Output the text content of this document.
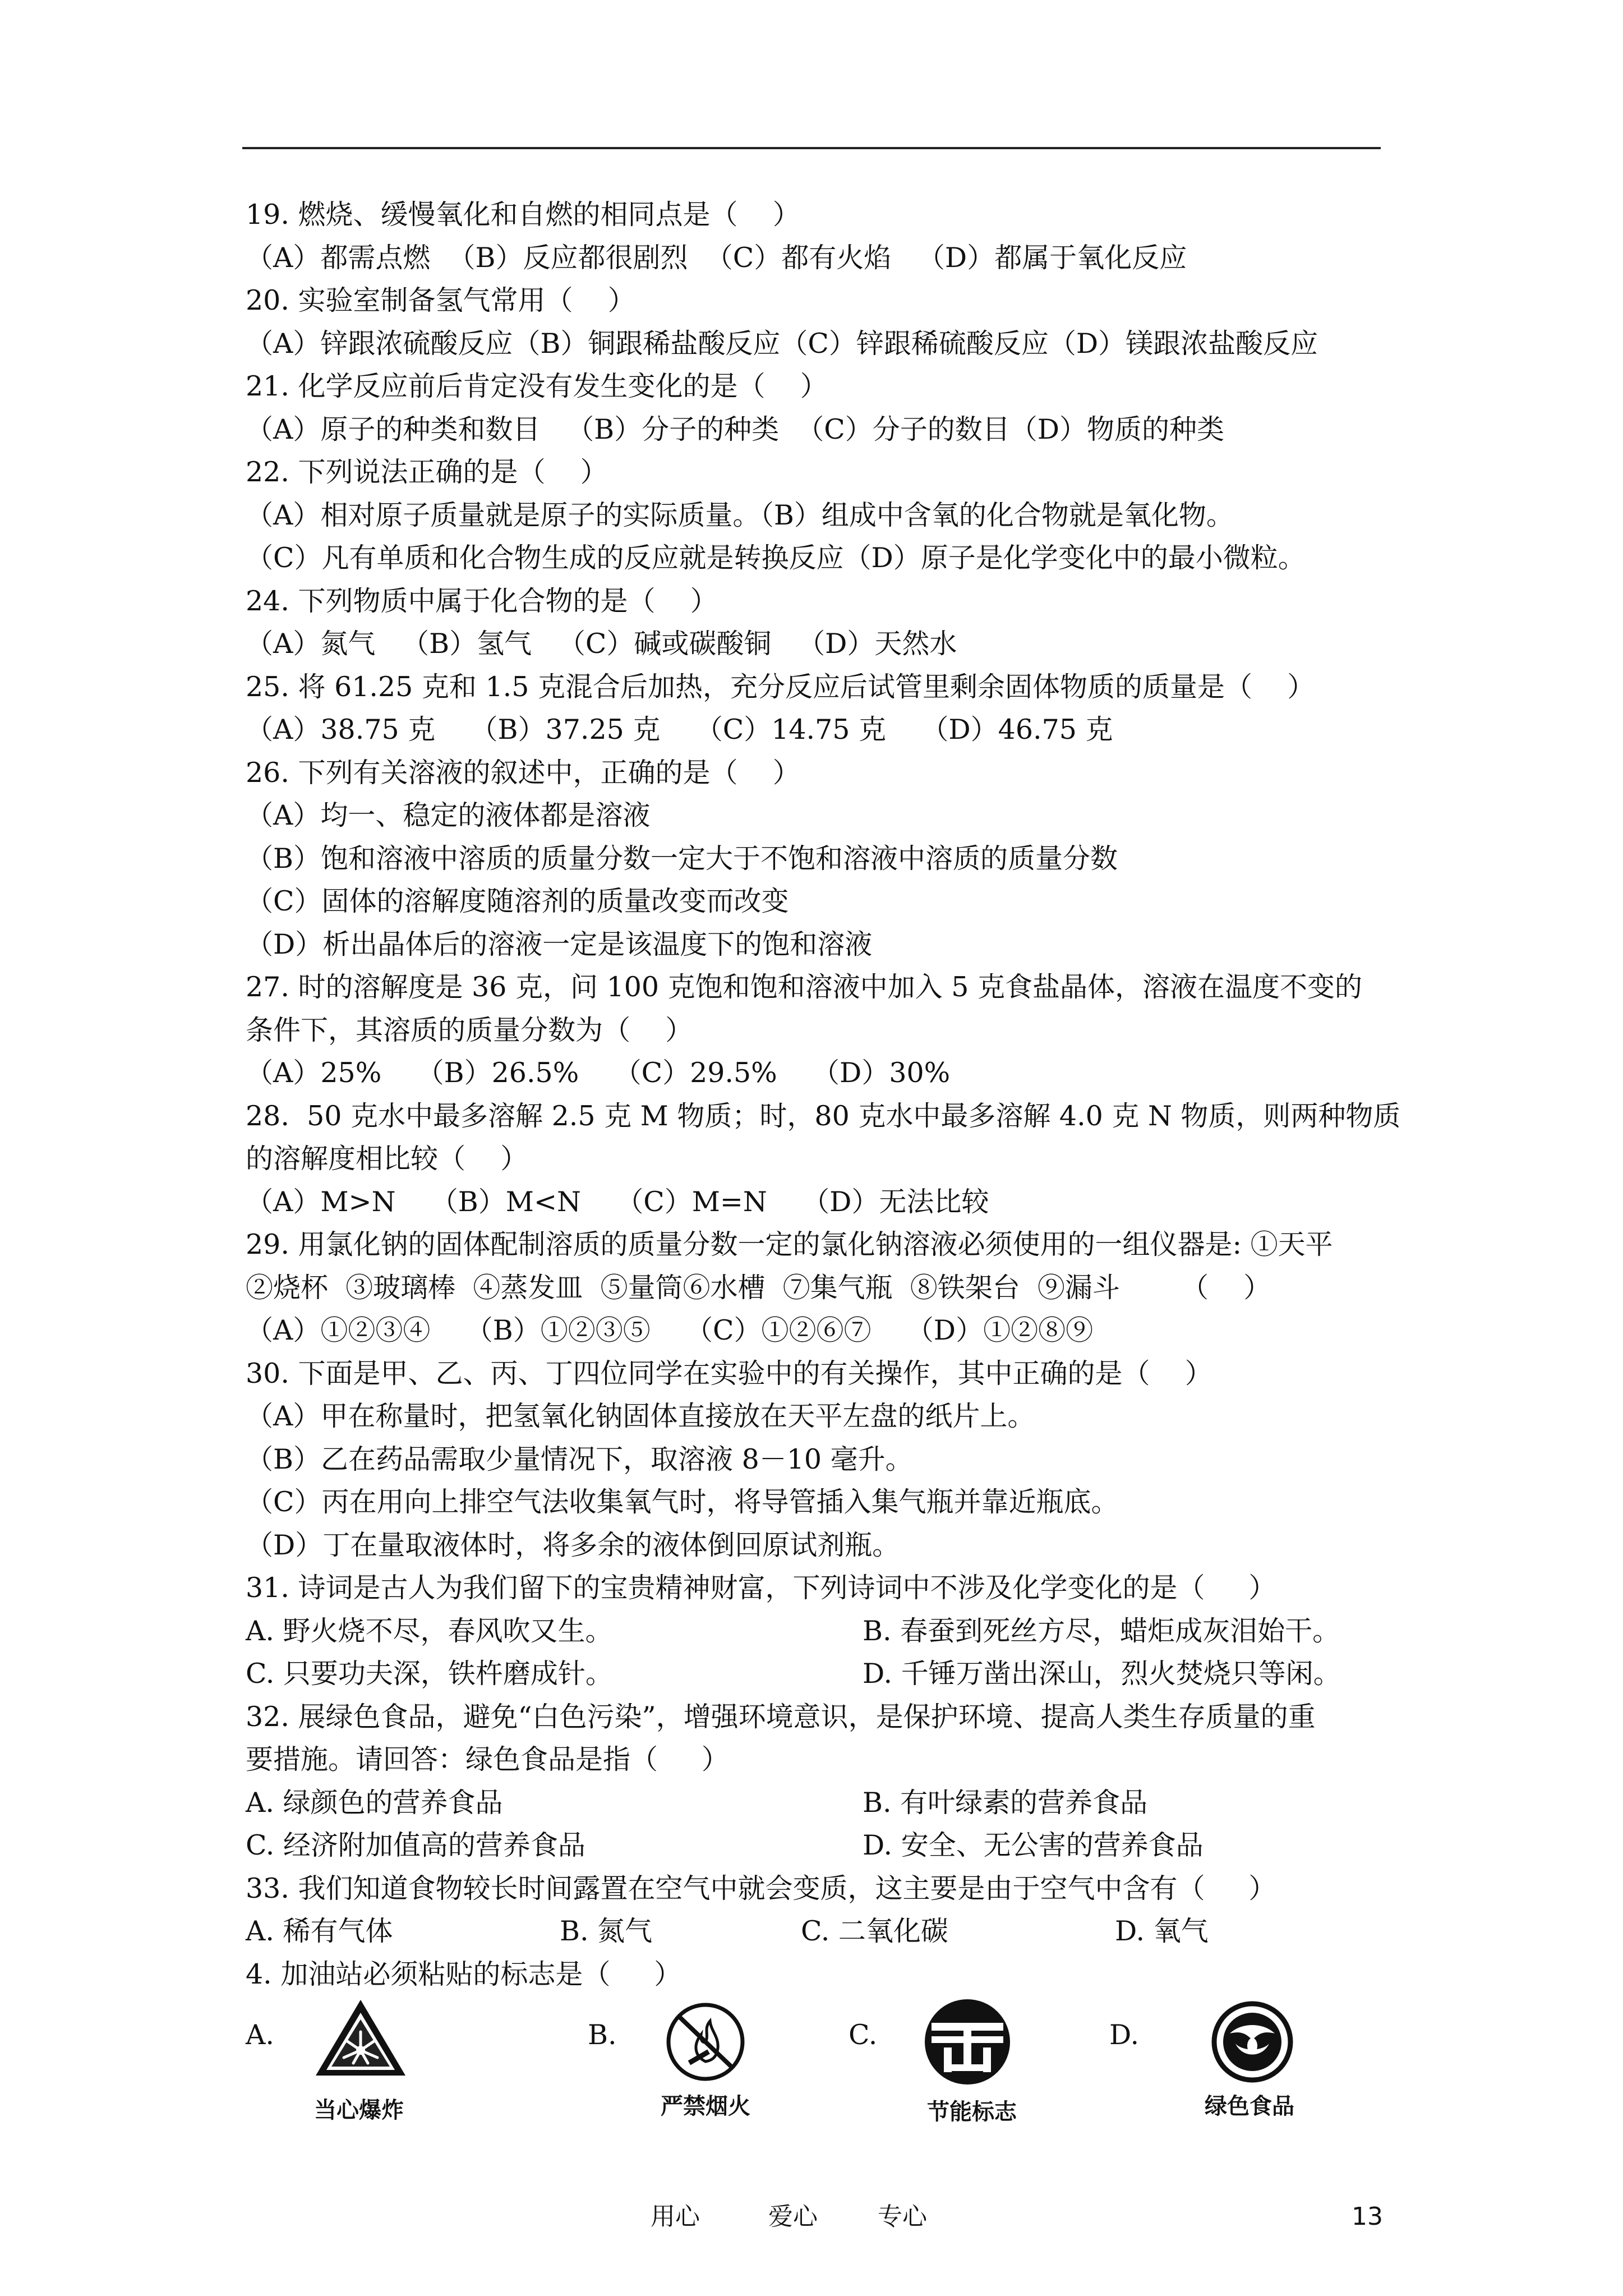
19. 燃烧、缓慢氧化和自燃的相同点是（    ）
（A）都需点燃  （B）反应都很剧烈  （C）都有火焰   （D）都属于氧化反应
20. 实验室制备氢气常用（    ）
（A）锌跟浓硫酸反应（B）铜跟稀盐酸反应（C）锌跟稀硫酸反应（D）镁跟浓盐酸反应
21. 化学反应前后肯定没有发生变化的是（    ）
（A）原子的种类和数目   （B）分子的种类  （C）分子的数目（D）物质的种类
22. 下列说法正确的是（    ）
（A）相对原子质量就是原子的实际质量。（B）组成中含氧的化合物就是氧化物。
（C）凡有单质和化合物生成的反应就是转换反应（D）原子是化学变化中的最小微粒。
24. 下列物质中属于化合物的是（    ）
（A）氮气   （B）氢气   （C）碱或碳酸铜   （D）天然水
25. 将 61.25 克和 1.5 克混合后加热，充分反应后试管里剩余固体物质的质量是（    ）
（A）38.75 克    （B）37.25 克    （C）14.75 克    （D）46.75 克
26. 下列有关溶液的叙述中，正确的是（    ）
（A）均一、稳定的液体都是溶液
（B）饱和溶液中溶质的质量分数一定大于不饱和溶液中溶质的质量分数
（C）固体的溶解度随溶剂的质量改变而改变
（D）析出晶体后的溶液一定是该温度下的饱和溶液
27. 时的溶解度是 36 克，问 100 克饱和饱和溶液中加入 5 克食盐晶体，溶液在温度不变的
条件下，其溶质的质量分数为（    ）
（A）25%    （B）26.5%    （C）29.5%    （D）30%
28.  50 克水中最多溶解 2.5 克 M 物质；时，80 克水中最多溶解 4.0 克 N 物质，则两种物质
的溶解度相比较（    ）
（A）M>N    （B）M<N    （C）M=N    （D）无法比较
29. 用氯化钠的固体配制溶质的质量分数一定的氯化钠溶液必须使用的一组仪器是: ①天平
②烧杯  ③玻璃棒  ④蒸发皿  ⑤量筒⑥水槽  ⑦集气瓶  ⑧铁架台  ⑨漏斗       （    ）
（A）①②③④    （B）①②③⑤    （C）①②⑥⑦    （D）①②⑧⑨
30. 下面是甲、乙、丙、丁四位同学在实验中的有关操作，其中正确的是（    ）
（A）甲在称量时，把氢氧化钠固体直接放在天平左盘的纸片上。
（B）乙在药品需取少量情况下，取溶液 8－10 毫升。
（C）丙在用向上排空气法收集氧气时，将导管插入集气瓶并靠近瓶底。
（D）丁在量取液体时，将多余的液体倒回原试剂瓶。
31. 诗词是古人为我们留下的宝贵精神财富，下列诗词中不涉及化学变化的是（     ）
A. 野火烧不尽，春风吹又生。	B. 春蚕到死丝方尽，蜡炬成灰泪始干。
C. 只要功夫深，铁杵磨成针。	D. 千锤万凿出深山，烈火焚烧只等闲。
32. 展绿色食品，避免“白色污染”，增强环境意识，是保护环境、提高人类生存质量的重
要措施。请回答：绿色食品是指（     ）
A. 绿颜色的营养食品	B. 有叶绿素的营养食品
C. 经济附加值高的营养食品	D. 安全、无公害的营养食品
33. 我们知道食物较长时间露置在空气中就会变质，这主要是由于空气中含有（     ）
A. 稀有气体	B. 氮气	C. 二氧化碳	D. 氧气
4. 加油站必须粘贴的标志是（     ）
A.
当心爆炸
B.
严禁烟火
C.
节能标志
D.
绿色食品
用心	爱心 专心	13
